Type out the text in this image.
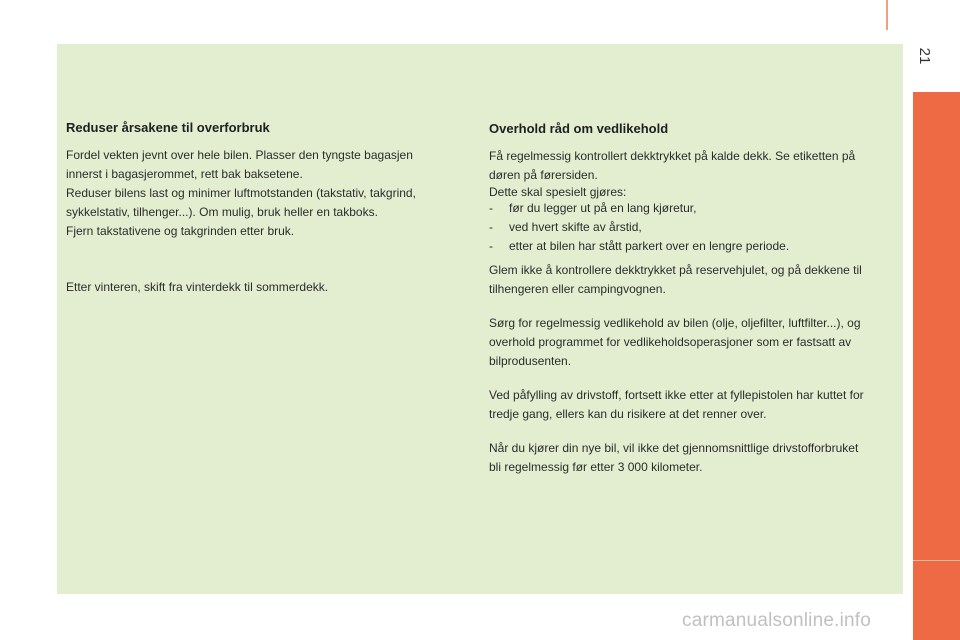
21
Reduser årsakene til overforbruk

Fordel vekten jevnt over hele bilen. Plasser den tyngste bagasjen

innerst i bagasjerommet, rett bak baksetene.

Reduser bilens last og minimer luftmotstanden (takstativ, takgrind,

sykkelstativ, tilhenger...). Om mulig, bruk heller en takboks.

Fjern takstativene og takgrinden etter bruk.

Etter vinteren, skift fra vinterdekk til sommerdekk.

Overhold råd om vedlikehold

Få regelmessig kontrollert dekktrykket på kalde dekk. Se etiketten på

døren på førersiden.

Dette skal spesielt gjøres:

- før du legger ut på en lang kjøretur,
- ved hvert skifte av årstid,
- etter at bilen har stått parkert over en lengre periode.

Glem ikke å kontrollere dekktrykket på reservehjulet, og på dekkene til

tilhengeren eller campingvognen.

Sørg for regelmessig vedlikehold av bilen (olje, oljefilter, luftfilter...), og

overhold programmet for vedlikeholdsoperasjoner som er fastsatt av

bilprodusenten.

Ved påfylling av drivstoff, fortsett ikke etter at fyllepistolen har kuttet for

tredje gang, ellers kan du risikere at det renner over.

Når du kjører din nye bil, vil ikke det gjennomsnittlige drivstofforbruket

bli regelmessig før etter 3 000 kilometer.

carmanualsonline.info
